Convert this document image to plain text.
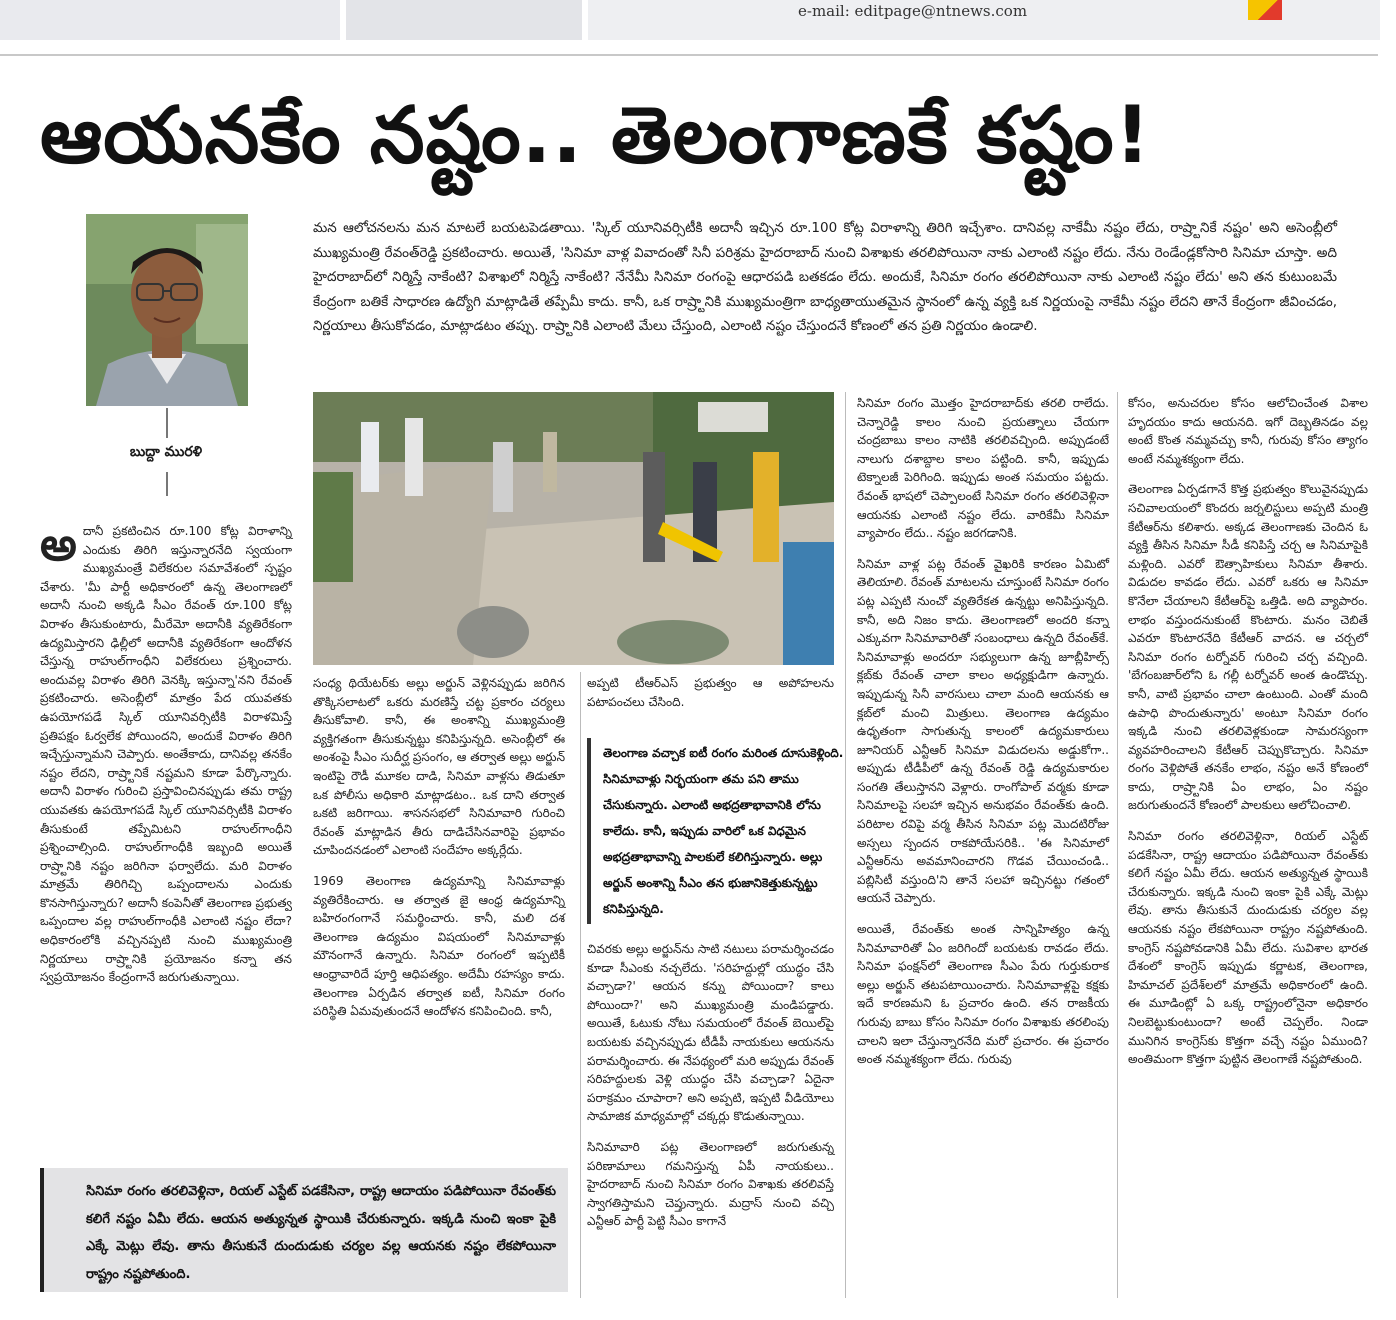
e-mail: editpage@ntnews.com
ఆయనకేం నష్టం.. తెలంగాణకే కష్టం!
బుద్దా మురళి
మన ఆలోచనలను మన మాటలే బయటపెడతాయి. 'స్కిల్ యూనివర్సిటీకి అదానీ ఇచ్చిన రూ.100 కోట్ల విరాళాన్ని తిరిగి ఇచ్చేశాం. దానివల్ల నాకేమీ నష్టం లేదు, రాష్ర్టానికే నష్టం' అని అసెంబ్లీలో ముఖ్యమంత్రి రేవంత్‌రెడ్డి ప్రకటించారు. అయితే, 'సినిమా వాళ్ల వివాదంతో సినీ పరిశ్రమ హైదరాబాద్ నుంచి విశాఖకు తరలిపోయినా నాకు ఎలాంటి నష్టం లేదు. నేను రెండేండ్లకోసారి సినిమా చూస్తా. అది హైదరాబాద్‌లో నిర్మిస్తే నాకేంటి? విశాఖలో నిర్మిస్తే నాకేంటి? నేనేమీ సినిమా రంగంపై ఆధారపడి బతకడం లేదు. అందుకే, సినిమా రంగం తరలిపోయినా నాకు ఎలాంటి నష్టం లేదు' అని తన కుటుంబమే కేంద్రంగా బతికే సాధారణ ఉద్యోగి మాట్లాడితే తప్పేమీ కాదు. కానీ, ఒక రాష్ర్టానికి ముఖ్యమంత్రిగా బాధ్యతాయుతమైన స్థానంలో ఉన్న వ్యక్తి ఒక నిర్ణయంపై నాకేమీ నష్టం లేదని తానే కేంద్రంగా జీవించడం, నిర్ణయాలు తీసుకోవడం, మాట్లాడటం తప్పు. రాష్ర్టానికి ఎలాంటి మేలు చేస్తుంది, ఎలాంటి నష్టం చేస్తుందనే కోణంలో తన ప్రతి నిర్ణయం ఉండాలి.

అదానీ ప్రకటించిన రూ.100 కోట్ల విరాళాన్ని ఎందుకు తిరిగి ఇస్తున్నారనేది స్వయంగా ముఖ్యమంత్రే విలేకరుల సమావేశంలో స్పష్టం చేశారు. 'మీ పార్టీ అధికారంలో ఉన్న తెలంగాణలో అదానీ నుంచి అక్కడి సీఎం రేవంత్ రూ.100 కోట్ల విరాళం తీసుకుంటారు, మీరేమో అదానీకి వ్యతిరేకంగా ఉద్యమిస్తారని ఢిల్లీలో అదానీకి వ్యతిరేకంగా ఆందోళన చేస్తున్న రాహుల్‌గాంధీని విలేకరులు ప్రశ్నించారు. అందువల్ల విరాళం తిరిగి వెనక్కి ఇస్తున్నా'నని రేవంత్ ప్రకటించారు. అసెంబ్లీలో మాత్రం పేద యువతకు ఉపయోగపడే స్కిల్ యూనివర్సిటీకి విరాళమిస్తే ప్రతిపక్షం ఓర్వలేక పోయిందని, అందుకే విరాళం తిరిగి ఇచ్చేస్తున్నామని చెప్పారు. అంతేకాదు, దానివల్ల తనకేం నష్టం లేదని, రాష్ర్టానికే నష్టమని కూడా పేర్కొన్నారు. అదానీ విరాళం గురించి ప్రస్తావించినప్పుడు తమ రాష్ట్ర యువతకు ఉపయోగపడే స్కిల్ యూనివర్సిటీకి విరాళం తీసుకుంటే తప్పేమిటని రాహుల్‌గాంధీని ప్రశ్నించాల్సింది. రాహుల్‌గాంధీకి ఇబ్బంది అయితే రాష్ర్టానికి నష్టం జరిగినా ఫర్వాలేదు. మరి విరాళం మాత్రమే తిరిగిచ్చి ఒప్పందాలను ఎందుకు కొనసాగిస్తున్నారు? అదానీ కంపెనీతో తెలంగాణ ప్రభుత్వ ఒప్పందాల వల్ల రాహుల్‌గాంధీకి ఎలాంటి నష్టం లేదా? అధికారంలోకి వచ్చినప్పటి నుంచి ముఖ్యమంత్రి నిర్ణయాలు రాష్ర్టానికి ప్రయోజనం కన్నా తన స్వప్రయోజనం కేంద్రంగానే జరుగుతున్నాయి.

సంధ్య థియేటర్‌కు అల్లు అర్జున్ వెళ్లినప్పుడు జరిగిన తొక్కిసలాటలో ఒకరు మరణిస్తే చట్ట ప్రకారం చర్యలు తీసుకోవాలి. కానీ, ఈ అంశాన్ని ముఖ్యమంత్రి వ్యక్తిగతంగా తీసుకున్నట్టు కనిపిస్తున్నది. అసెంబ్లీలో ఈ అంశంపై సీఎం సుదీర్ఘ ప్రసంగం, ఆ తర్వాత అల్లు అర్జున్ ఇంటిపై రౌడీ మూకల దాడి, సినిమా వాళ్లను తిడుతూ ఒక పోలీసు అధికారి మాట్లాడటం.. ఒక దాని తర్వాత ఒకటి జరిగాయి. శాసనసభలో సినిమావారి గురించి రేవంత్ మాట్లాడిన తీరు దాడిచేసినవారిపై ప్రభావం చూపిందనడంలో ఎలాంటి సందేహం అక్కర్లేదు.

1969 తెలంగాణ ఉద్యమాన్ని సినిమావాళ్లు వ్యతిరేకించారు. ఆ తర్వాత జై ఆంధ్ర ఉద్యమాన్ని బహిరంగంగానే సమర్థించారు. కానీ, మలి దశ తెలంగాణ ఉద్యమం విషయంలో సినిమావాళ్లు మౌనంగానే ఉన్నారు. సినిమా రంగంలో ఇప్పటికీ ఆంధ్రావారిదే పూర్తి ఆధిపత్యం. అదేమీ రహస్యం కాదు. తెలంగాణ ఏర్పడిన తర్వాత ఐటీ, సినిమా రంగం పరిస్థితి ఏమవుతుందనే ఆందోళన కనిపించింది. కానీ,

అప్పటి టీఆర్‌ఎస్ ప్రభుత్వం ఆ అపోహలను పటాపంచలు చేసింది.

తెలంగాణ వచ్చాక ఐటీ రంగం మరింత దూసుకెళ్లింది. సినిమావాళ్లు నిర్భయంగా తమ పని తాము చేసుకున్నారు. ఎలాంటి అభద్రతాభావానికి లోను కాలేదు. కానీ, ఇప్పుడు వారిలో ఒక విధమైన అభద్రతాభావాన్ని పాలకులే కలిగిస్తున్నారు. అల్లు అర్జున్ అంశాన్ని సీఎం తన భుజానికెత్తుకున్నట్టు కనిపిస్తున్నది.

చివరకు అల్లు అర్జున్‌ను సాటి నటులు పరామర్శించడం కూడా సీఎంకు నచ్చలేదు. 'సరిహద్దుల్లో యుద్ధం చేసి వచ్చాడా?' ఆయన కన్ను పోయిందా? కాలు పోయిందా?' అని ముఖ్యమంత్రి మండిపడ్డారు. అయితే, ఓటుకు నోటు సమయంలో రేవంత్ బెయిల్‌పై బయటకు వచ్చినప్పుడు టీడీపీ నాయకులు ఆయనను పరామర్శించారు. ఈ నేపథ్యంలో మరి అప్పుడు రేవంత్ సరిహద్దులకు వెళ్లి యుద్ధం చేసి వచ్చాడా? ఏదైనా పరాక్రమం చూపారా? అని అప్పటి, ఇప్పటి వీడియోలు సామాజిక మాధ్యమాల్లో చక్కర్లు కొడుతున్నాయి.

సినిమావారి పట్ల తెలంగాణలో జరుగుతున్న పరిణామాలు గమనిస్తున్న ఏపీ నాయకులు.. హైదరాబాద్ నుంచి సినిమా రంగం విశాఖకు తరలివస్తే స్వాగతిస్తామని చెప్తున్నారు. మద్రాస్ నుంచి వచ్చి ఎన్టీఆర్ పార్టీ పెట్టి సీఎం కాగానే

సినిమా రంగం మొత్తం హైదరాబాద్‌కు తరలి రాలేదు. చెన్నారెడ్డి కాలం నుంచి ప్రయత్నాలు చేయగా చంద్రబాబు కాలం నాటికి తరలివచ్చింది. అప్పుడంటే నాలుగు దశాబ్దాల కాలం పట్టింది. కానీ, ఇప్పుడు టెక్నాలజీ పెరిగింది. ఇప్పుడు అంత సమయం పట్టదు. రేవంత్ భాషలో చెప్పాలంటే సినిమా రంగం తరలివెళ్లినా ఆయనకు ఎలాంటి నష్టం లేదు. వారికేమీ సినిమా వ్యాపారం లేదు.. నష్టం జరగడానికి.

సినిమా వాళ్ల పట్ల రేవంత్ వైఖరికి కారణం ఏమిటో తెలియాలి. రేవంత్ మాటలను చూస్తుంటే సినిమా రంగం పట్ల ఎప్పటి నుంచో వ్యతిరేకత ఉన్నట్టు అనిపిస్తున్నది. కానీ, అది నిజం కాదు. తెలంగాణలో అందరి కన్నా ఎక్కువగా సినిమావారితో సంబంధాలు ఉన్నది రేవంత్‌కే. సినిమావాళ్లు అందరూ సభ్యులుగా ఉన్న జూబ్లీహిల్స్ క్లబ్‌కు రేవంత్ చాలా కాలం అధ్యక్షుడిగా ఉన్నారు. ఇప్పుడున్న సినీ వారసులు చాలా మంది ఆయనకు ఆ క్లబ్‌లో మంచి మిత్రులు. తెలంగాణ ఉద్యమం ఉధృతంగా సాగుతున్న కాలంలో ఉద్యమకారులు జూనియర్ ఎన్టీఆర్ సినిమా విడుదలను అడ్డుకోగా.. అప్పుడు టీడీపీలో ఉన్న రేవంత్ రెడ్డి ఉద్యమకారుల సంగతి తేలుస్తానని వెళ్లారు. రాంగోపాల్ వర్మకు కూడా సినిమాలపై సలహా ఇచ్చిన అనుభవం రేవంత్‌కు ఉంది. పరిటాల రవిపై వర్మ తీసిన సినిమా పట్ల మొదటిరోజు అస్సలు స్పందన రాకపోయేసరికి.. 'ఈ సినిమాలో ఎన్టీఆర్‌ను అవమానించారని గొడవ చేయించండి.. పబ్లిసిటీ వస్తుంది'ని తానే సలహా ఇచ్చినట్టు గతంలో ఆయనే చెప్పారు.

అయితే, రేవంత్‌కు అంత సాన్నిహిత్యం ఉన్న సినిమావారితో ఏం జరిగిందో బయటకు రావడం లేదు. సినిమా ఫంక్షన్‌లో తెలంగాణ సీఎం పేరు గుర్తుకురాక అల్లు అర్జున్ తటపటాయించారు. సినిమావాళ్లపై కక్షకు ఇదే కారణమని ఓ ప్రచారం ఉంది. తన రాజకీయ గురువు బాబు కోసం సినిమా రంగం విశాఖకు తరలింపు చాలని ఇలా చేస్తున్నారనేది మరో ప్రచారం. ఈ ప్రచారం అంత నమ్మశక్యంగా లేదు. గురువు

కోసం, అనుచరుల కోసం ఆలోచించేంత విశాల హృదయం కాదు ఆయనది. ఇగో దెబ్బతినడం వల్ల అంటే కొంత నమ్మవచ్చు కానీ, గురువు కోసం త్యాగం అంటే నమ్మశక్యంగా లేదు.

తెలంగాణ ఏర్పడగానే కొత్త ప్రభుత్వం కొలువైనప్పుడు సచివాలయంలో కొందరు జర్నలిస్టులు అప్పటి మంత్రి కేటీఆర్‌ను కలిశారు. అక్కడ తెలంగాణకు చెందిన ఓ వ్యక్తి తీసిన సినిమా సీడీ కనిపిస్తే చర్చ ఆ సినిమాపైకి మళ్లింది. ఎవరో ఔత్సాహికులు సినిమా తీశారు. విడుదల కావడం లేదు. ఎవరో ఒకరు ఆ సినిమా కొనేలా చేయాలని కేటీఆర్‌పై ఒత్తిడి. అది వ్యాపారం. లాభం వస్తుందనుకుంటే కొంటారు. మనం చెబితే ఎవరూ కొంటారనేది కేటీఆర్ వాదన. ఆ చర్చలో సినిమా రంగం టర్నోవర్ గురించి చర్చ వచ్చింది. 'బేగంబజార్‌లోని ఓ గల్లీ టర్నోవర్ అంత ఉండొచ్చు. కానీ, వాటి ప్రభావం చాలా ఉంటుంది. ఎంతో మంది ఉపాధి పొందుతున్నారు' అంటూ సినిమా రంగం ఇక్కడి నుంచి తరలివెళ్లకుండా సామరస్యంగా వ్యవహరించాలని కేటీఆర్ చెప్పుకొచ్చారు. సినిమా రంగం వెళ్లిపోతే తనకేం లాభం, నష్టం అనే కోణంలో కాదు, రాష్ర్టానికి ఏం లాభం, ఏం నష్టం జరుగుతుందనే కోణంలో పాలకులు ఆలోచించాలి.

సినిమా రంగం తరలివెళ్లినా, రియల్ ఎస్టేట్ పడకేసినా, రాష్ట్ర ఆదాయం పడిపోయినా రేవంత్‌కు కలిగే నష్టం ఏమీ లేదు. ఆయన అత్యున్నత స్థాయికి చేరుకున్నారు. ఇక్కడి నుంచి ఇంకా పైకి ఎక్కే మెట్లు లేవు. తాను తీసుకునే దుందుడుకు చర్యల వల్ల ఆయనకు నష్టం లేకపోయినా రాష్ట్రం నష్టపోతుంది. కాంగ్రెస్ నష్టపోవడానికి ఏమీ లేదు. సువిశాల భారత దేశంలో కాంగ్రెస్ ఇప్పుడు కర్ణాటక, తెలంగాణ, హిమాచల్ ప్రదేశ్‌లలో మాత్రమే అధికారంలో ఉంది. ఈ మూడింట్లో ఏ ఒక్క రాష్ట్రంలోనైనా అధికారం నిలబెట్టుకుంటుందా? అంటే చెప్పలేం. నిండా మునిగిన కాంగ్రెస్‌కు కొత్తగా వచ్చే నష్టం ఏముంది? అంతిమంగా కొత్తగా పుట్టిన తెలంగాణే నష్టపోతుంది.

సినిమా రంగం తరలివెళ్లినా, రియల్ ఎస్టేట్ పడకేసినా, రాష్ట్ర ఆదాయం పడిపోయినా రేవంత్‌కు కలిగే నష్టం ఏమీ లేదు. ఆయన అత్యున్నత స్థాయికి చేరుకున్నారు. ఇక్కడి నుంచి ఇంకా పైకి ఎక్కే మెట్లు లేవు. తాను తీసుకునే దుందుడుకు చర్యల వల్ల ఆయనకు నష్టం లేకపోయినా రాష్ట్రం నష్టపోతుంది.
